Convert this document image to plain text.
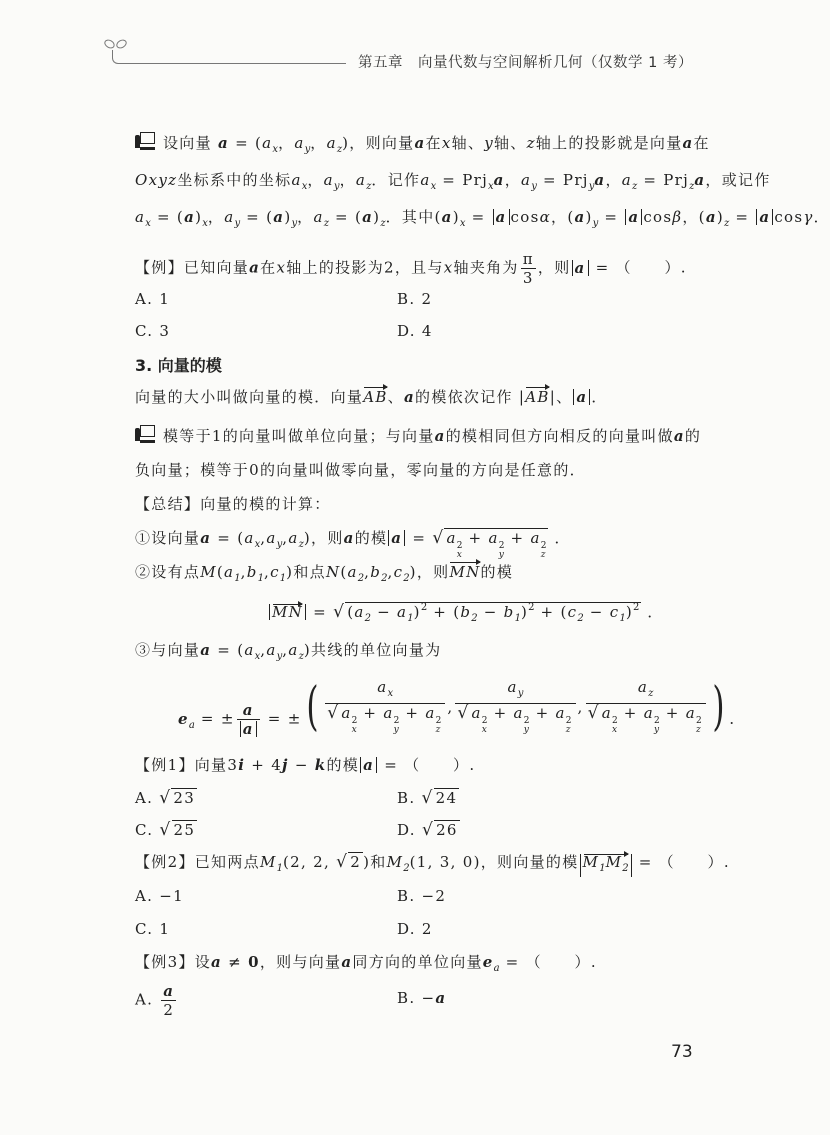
第五章　向量代数与空间解析几何（仅数学 1 考）
设向量 $a = (a_x$，$a_y$，$a_z$)，则向量a在x轴、y轴、z轴上的投影就是向量a在
Oxyz坐标系中的坐标$a_x$，$a_y$，$a_z$．记作$a_x = Prj_xa$，$a_y = Prj_ya$，$a_z = Prj_za$，或记作
$a_x = (a)_x$，$a_y = (a)_y$，$a_z = (a)_z$．其中$(a)_x = a$ cosα，$(a)_y = a$ cosβ，$(a)_z = a$ cosγ．
【例】已知向量a在x轴上的投影为2，且与x轴夹角为 $\frac{\pi}{3}$ ，则 a = （　　）.
A. 1	B. 2
C. 3	D. 4
3. 向量的模
向量的大小叫做向量的模．向量AB、a的模依次记作 |AB|、 a ．
模等于1的向量叫做单位向量；与向量a的模相同但方向相反的向量叫做a的
负向量；模等于0的向量叫做零向量，零向量的方向是任意的．
【总结】向量的模的计算：
①设向量$a = (a_x,a_y,a_z)$，则a的模 a = √ a 2
x
+ a 2
y
+ a 2
z
．
②设有点$M(a_1,b_1,c_1)$和点$N(a_2,b_2,c_2)$，则MN的模
MN = √ $(a_2 - a_1)^2 + (b_2 - b_1)^2 + (c_2 - c_1)^2$ ．
③与向量$a = (a_x,a_y,a_z)$共线的单位向量为
$e_a$ = ± $\frac{a}{a}$ = ± ( $a_x$
√ a 2
x
+ a 2
y
+ a 2
z , $a_y$
√ a 2
x
+ a 2
y
+ a 2
z , $a_z$
√ a 2
x
+ a 2
y
+ a 2
z
) ．
【例1】向量3i + 4j − k的模 a = （　　）.
A. √ 23	B. √ 24
C. √ 25	D. √ 26
【例2】已知两点$M_1(2$, 2, √ 2 )和$M_2(1$, 3, 0)，则向量的模 $M_1M_2$ = （　　）.
A. −1	B. −2
C. 1	D. 2
【例3】设a ≠ 0，则与向量a同方向的单位向量$e_a$ = （　　）.
A. $\frac{a}{2}$	B. −a
73
